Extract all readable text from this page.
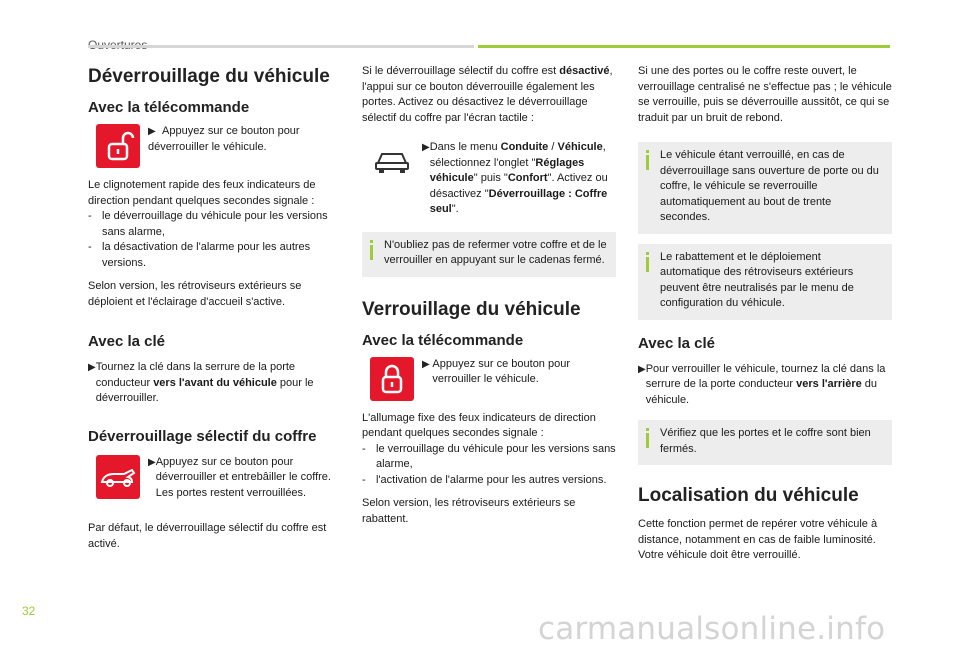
Déverrouillage du véhicule
Avec la télécommande
▶ Appuyez sur ce bouton pour déverrouiller le véhicule.

Le clignotement rapide des feux indicateurs de direction pendant quelques secondes signale :

- le déverrouillage du véhicule pour les versions sans alarme,
- la désactivation de l'alarme pour les autres versions.

Selon version, les rétroviseurs extérieurs se déploient et l'éclairage d'accueil s'active.

Avec la clé
▶ Tournez la clé dans la serrure de la porte conducteur vers l'avant du véhicule pour le déverrouiller.
Déverrouillage sélectif du coffre
▶ Appuyez sur ce bouton pour déverrouiller et entrebâiller le coffre. Les portes restent verrouillées.

Par défaut, le déverrouillage sélectif du coffre est activé.

Si le déverrouillage sélectif du coffre est désactivé, l'appui sur ce bouton déverrouille également les portes. Activez ou désactivez le déverrouillage sélectif du coffre par l'écran tactile :

▶ Dans le menu Conduite / Véhicule, sélectionnez l'onglet "Réglages véhicule" puis "Confort". Activez ou désactivez "Déverrouillage : Coffre seul".

N'oubliez pas de refermer votre coffre et de le verrouiller en appuyant sur le cadenas fermé.

Verrouillage du véhicule
Avec la télécommande
▶ Appuyez sur ce bouton pour verrouiller le véhicule.

L'allumage fixe des feux indicateurs de direction pendant quelques secondes signale :

- le verrouillage du véhicule pour les versions sans alarme,
- l'activation de l'alarme pour les autres versions.

Selon version, les rétroviseurs extérieurs se rabattent.

Si une des portes ou le coffre reste ouvert, le verrouillage centralisé ne s'effectue pas ; le véhicule se verrouille, puis se déverrouille aussitôt, ce qui se traduit par un bruit de rebond.

Le véhicule étant verrouillé, en cas de déverrouillage sans ouverture de porte ou du coffre, le véhicule se reverrouille automatiquement au bout de trente secondes.

Le rabattement et le déploiement automatique des rétroviseurs extérieurs peuvent être neutralisés par le menu de configuration du véhicule.

Avec la clé
▶ Pour verrouiller le véhicule, tournez la clé dans la serrure de la porte conducteur vers l'arrière du véhicule.

Vérifiez que les portes et le coffre sont bien fermés.

Localisation du véhicule

Cette fonction permet de repérer votre véhicule à distance, notamment en cas de faible luminosité. Votre véhicule doit être verrouillé.

32	carmanualsonline.info
